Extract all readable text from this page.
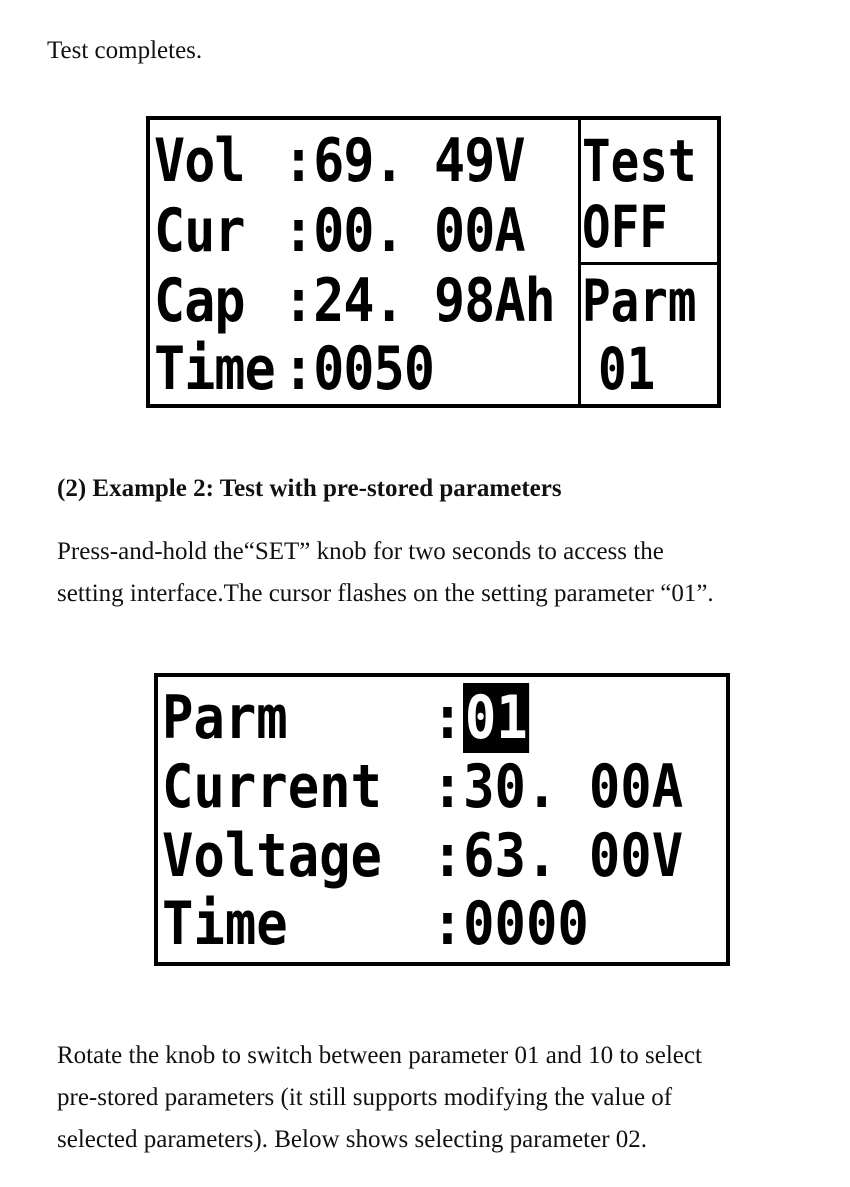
Test completes.
Vol :69. 49V
Cur :00. 00A
Cap :24. 98Ah
Time :0050
Test
OFF
Parm
01
(2) Example 2: Test with pre-stored parameters
Press-and-hold the“SET” knob for two seconds to access the
setting interface.The cursor flashes on the setting parameter “01”.
Parm :01
Current :30. 00A
Voltage :63. 00V
Time :0000
Rotate the knob to switch between parameter 01 and 10 to select
pre-stored parameters (it still supports modifying the value of
selected parameters). Below shows selecting parameter 02.
